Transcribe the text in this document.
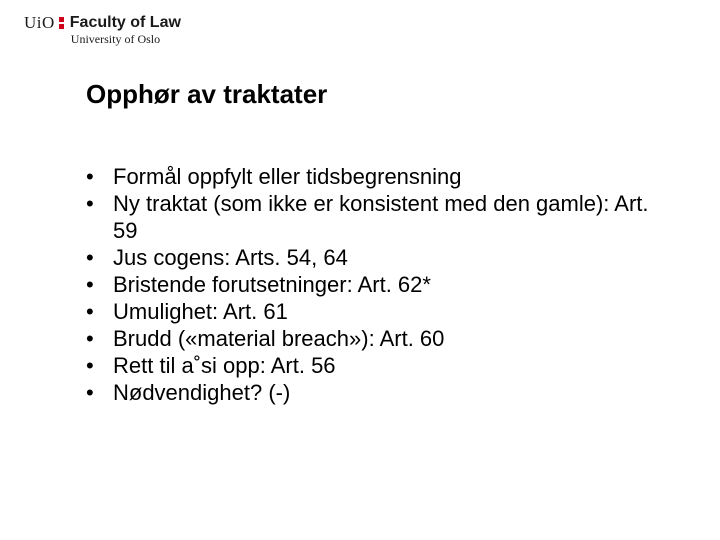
UiO Faculty of Law
University of Oslo
Opphør av traktater
• Formål oppfylt eller tidsbegrensning
• Ny traktat (som ikke er konsistent med den gamle): Art. 59
• Jus cogens: Arts. 54, 64
• Bristende forutsetninger: Art. 62*
• Umulighet: Art. 61
• Brudd («material breach»): Art. 60
• Rett til a˚si opp: Art. 56
• Nødvendighet? (-)
